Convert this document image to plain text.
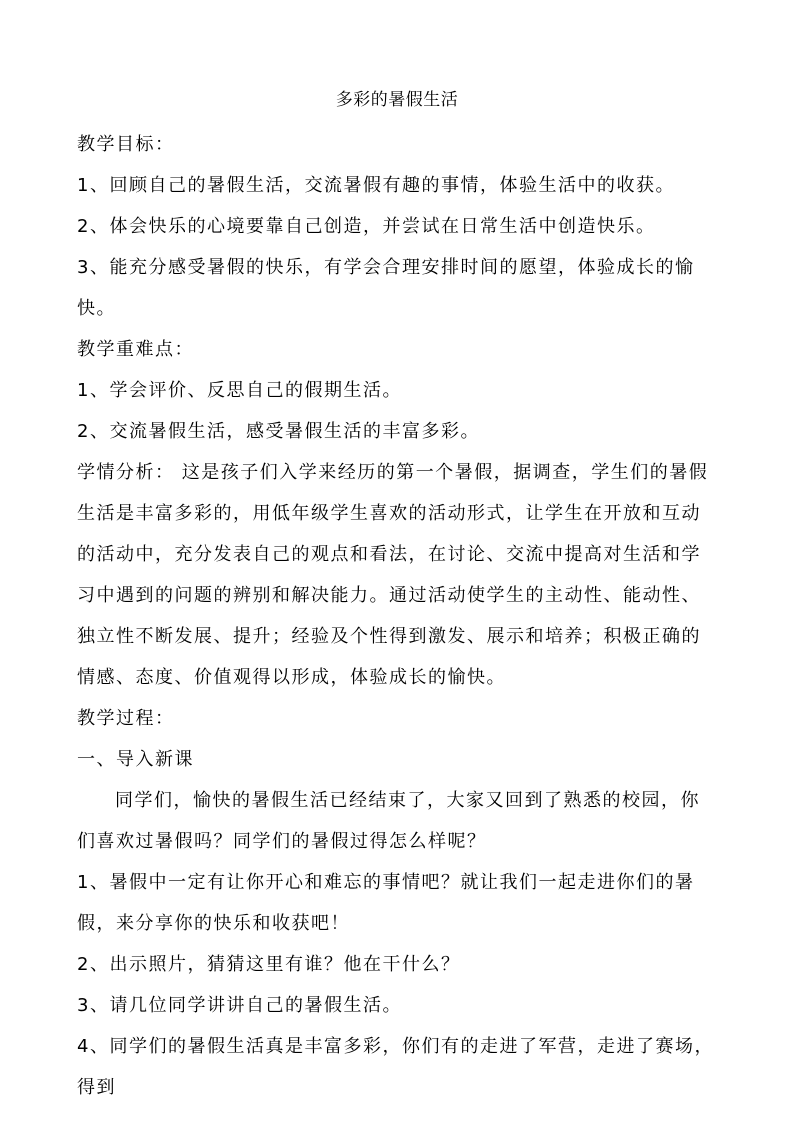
多彩的暑假生活

教学目标：

1、回顾自己的暑假生活，交流暑假有趣的事情，体验生活中的收获。

2、体会快乐的心境要靠自己创造，并尝试在日常生活中创造快乐。

3、能充分感受暑假的快乐，有学会合理安排时间的愿望，体验成长的愉快。

教学重难点：

1、学会评价、反思自己的假期生活。

2、交流暑假生活，感受暑假生活的丰富多彩。

学情分析： 这是孩子们入学来经历的第一个暑假，据调查，学生们的暑假生活是丰富多彩的，用低年级学生喜欢的活动形式，让学生在开放和互动的活动中，充分发表自己的观点和看法，在讨论、交流中提高对生活和学习中遇到的问题的辨别和解决能力。通过活动使学生的主动性、能动性、独立性不断发展、提升；经验及个性得到激发、展示和培养；积极正确的情感、态度、价值观得以形成，体验成长的愉快。

教学过程：

一、导入新课

同学们，愉快的暑假生活已经结束了，大家又回到了熟悉的校园，你们喜欢过暑假吗？同学们的暑假过得怎么样呢？

1、暑假中一定有让你开心和难忘的事情吧？就让我们一起走进你们的暑假，来分享你的快乐和收获吧！

2、出示照片，猜猜这里有谁？他在干什么？

3、请几位同学讲讲自己的暑假生活。

4、同学们的暑假生活真是丰富多彩，你们有的走进了军营，走进了赛场，得到
